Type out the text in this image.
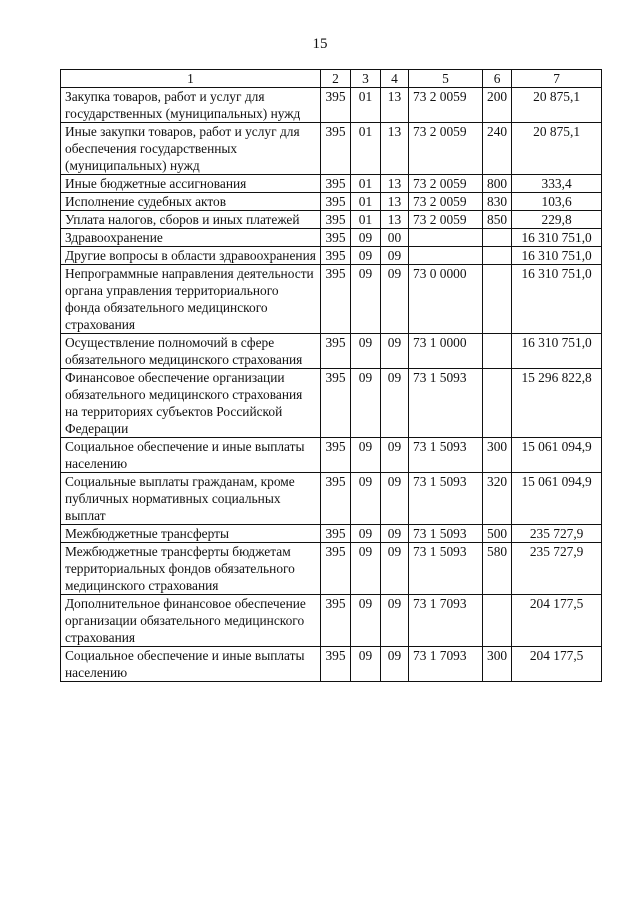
15
1	2	3	4	5	6	7
Закупка товаров, работ и услуг для государственных (муниципальных) нужд	395	01	13	73 2 0059	200	20 875,1
Иные закупки товаров, работ и услуг для обеспечения государственных (муниципальных) нужд	395	01	13	73 2 0059	240	20 875,1
Иные бюджетные ассигнования	395	01	13	73 2 0059	800	333,4
Исполнение судебных актов	395	01	13	73 2 0059	830	103,6
Уплата налогов, сборов и иных платежей	395	01	13	73 2 0059	850	229,8
Здравоохранение	395	09	00			16 310 751,0
Другие вопросы в области здравоохранения	395	09	09			16 310 751,0
Непрограммные направления деятельности органа управления территориального фонда обязательного медицинского страхования	395	09	09	73 0 0000		16 310 751,0
Осуществление полномочий в сфере обязательного медицинского страхования	395	09	09	73 1 0000		16 310 751,0
Финансовое обеспечение организации обязательного медицинского страхования на территориях субъектов Российской Федерации	395	09	09	73 1 5093		15 296 822,8
Социальное обеспечение и иные выплаты населению	395	09	09	73 1 5093	300	15 061 094,9
Социальные выплаты гражданам, кроме публичных нормативных социальных выплат	395	09	09	73 1 5093	320	15 061 094,9
Межбюджетные трансферты	395	09	09	73 1 5093	500	235 727,9
Межбюджетные трансферты бюджетам территориальных фондов обязательного медицинского страхования	395	09	09	73 1 5093	580	235 727,9
Дополнительное финансовое обеспечение организации обязательного медицинского страхования	395	09	09	73 1 7093		204 177,5
Социальное обеспечение и иные выплаты населению	395	09	09	73 1 7093	300	204 177,5
